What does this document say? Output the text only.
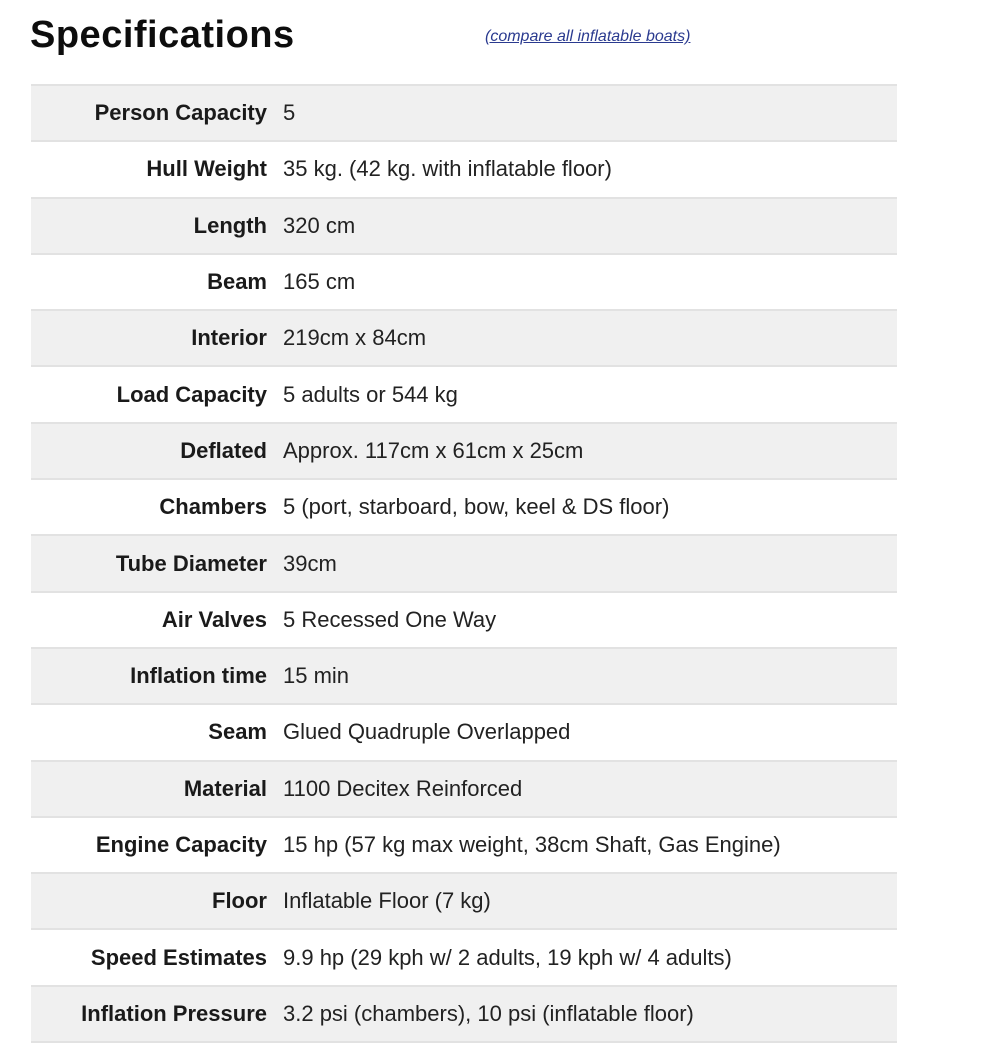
Specifications	(compare all inflatable boats)
Person Capacity	5
Hull Weight	35 kg. (42 kg. with inflatable floor)
Length	320 cm
Beam	165 cm
Interior	219cm x 84cm
Load Capacity	5 adults or 544 kg
Deflated	Approx. 117cm x 61cm x 25cm
Chambers	5 (port, starboard, bow, keel & DS floor)
Tube Diameter	39cm
Air Valves	5 Recessed One Way
Inflation time	15 min
Seam	Glued Quadruple Overlapped
Material	1100 Decitex Reinforced
Engine Capacity	15 hp (57 kg max weight, 38cm Shaft, Gas Engine)
Floor	Inflatable Floor (7 kg)
Speed Estimates	9.9 hp (29 kph w/ 2 adults, 19 kph w/ 4 adults)
Inflation Pressure	3.2 psi (chambers), 10 psi (inflatable floor)
